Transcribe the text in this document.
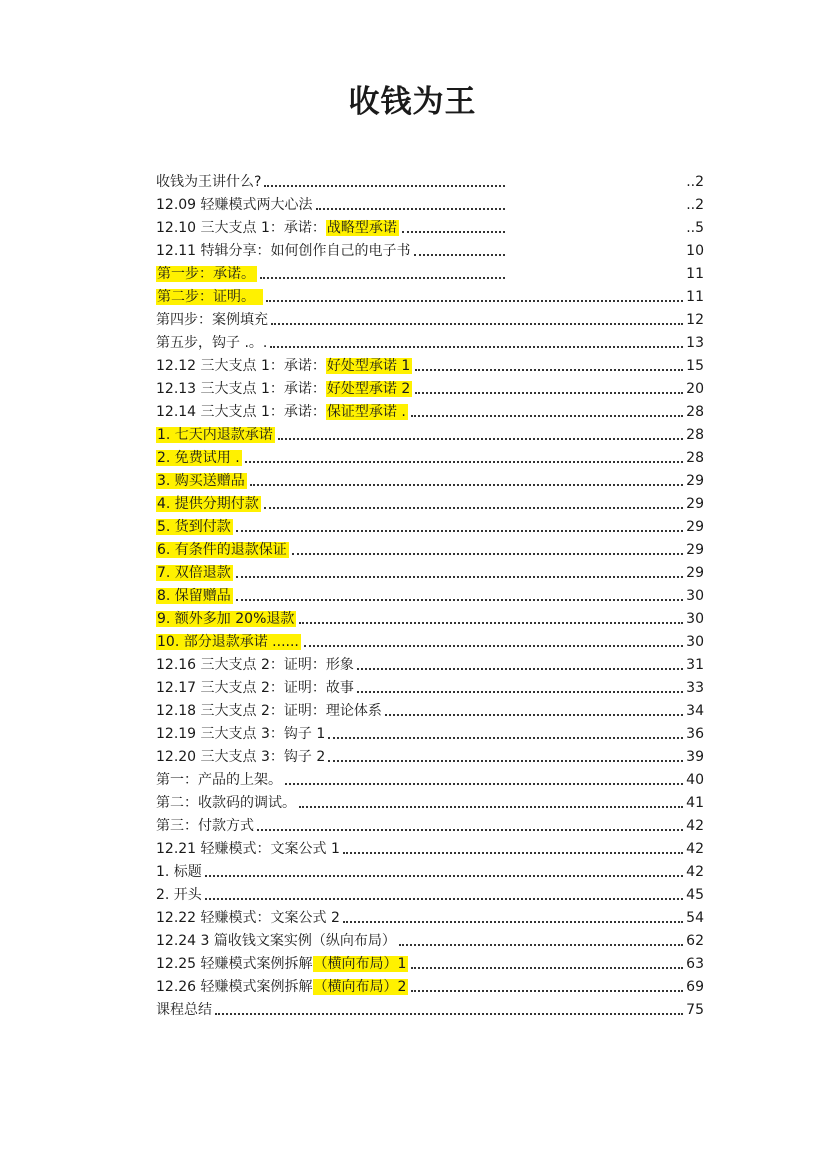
收钱为王
收钱为王讲什么?	..2
12.09 轻赚模式两大心法	..2
12.10 三大支点 1：承诺：战略型承诺	..5
12.11 特辑分享：如何创作自己的电子书	10
第一步：承诺。	11
第二步：证明。	11
第四步：案例填充	12
第五步，钩子 .。.	13
12.12 三大支点 1：承诺：好处型承诺 1	15
12.13 三大支点 1：承诺：好处型承诺 2	20
12.14 三大支点 1：承诺：保证型承诺 .	28
1. 七天内退款承诺	28
2. 免费试用 .	28
3. 购买送赠品	29
4. 提供分期付款	29
5. 货到付款	29
6. 有条件的退款保证	29
7. 双倍退款	29
8. 保留赠品	30
9. 额外多加 20%退款	30
10. 部分退款承诺 ......	30
12.16 三大支点 2：证明：形象	31
12.17 三大支点 2：证明：故事	33
12.18 三大支点 2：证明：理论体系	34
12.19 三大支点 3：钩子 1	36
12.20 三大支点 3：钩子 2	39
第一：产品的上架。	40
第二：收款码的调试。	41
第三：付款方式	42
12.21 轻赚模式：文案公式 1	42
1. 标题	42
2. 开头	45
12.22 轻赚模式：文案公式 2	54
12.24 3 篇收钱文案实例（纵向布局）	62
12.25 轻赚模式案例拆解（横向布局）1	63
12.26 轻赚模式案例拆解（横向布局）2	69
课程总结	75
